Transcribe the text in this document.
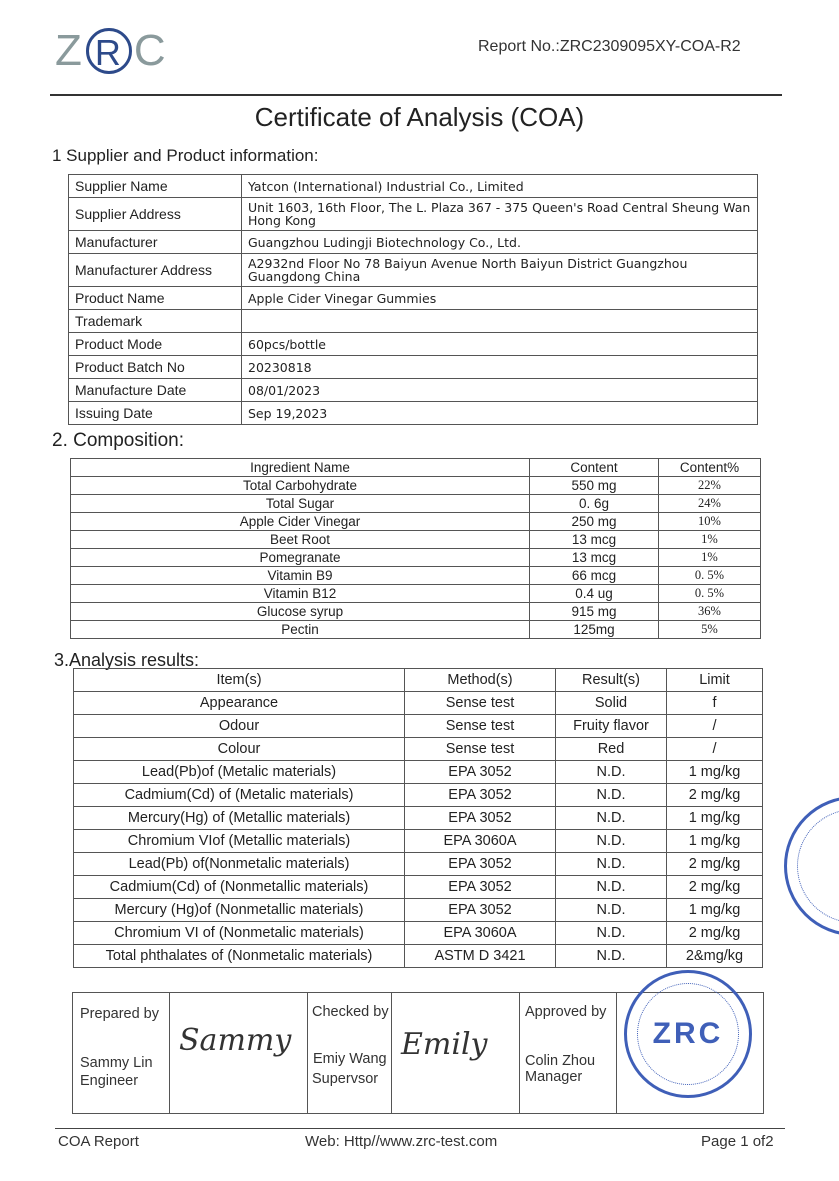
Z R C	Report No.:ZRC2309095XY-COA-R2
Certificate of Analysis (COA)
1 Supplier and Product information:
Supplier Name	Yatcon (International) Industrial Co., Limited
Supplier Address	Unit 1603, 16th Floor, The L. Plaza 367 - 375 Queen's Road Central Sheung Wan Hong Kong
Manufacturer	Guangzhou Ludingji Biotechnology Co., Ltd.
Manufacturer Address	A2932nd Floor No 78 Baiyun Avenue North Baiyun District Guangzhou Guangdong China
Product Name	Apple Cider Vinegar Gummies
Trademark	
Product Mode	60pcs/bottle
Product Batch No	20230818
Manufacture Date	08/01/2023
Issuing Date	Sep 19,2023
2. Composition:
Ingredient Name	Content	Content%
Total Carbohydrate	550 mg	22%
Total Sugar	0. 6g	24%
Apple Cider Vinegar	250 mg	10%
Beet Root	13 mcg	1%
Pomegranate	13 mcg	1%
Vitamin B9	66 mcg	0. 5%
Vitamin B12	0.4 ug	0. 5%
Glucose syrup	915 mg	36%
Pectin	125mg	5%
3.Analysis results:
Item(s)	Method(s)	Result(s)	Limit
Appearance	Sense test	Solid	f
Odour	Sense test	Fruity flavor	/
Colour	Sense test	Red	/
Lead(Pb)of (Metalic materials)	EPA 3052	N.D.	1 mg/kg
Cadmium(Cd) of (Metalic materials)	EPA 3052	N.D.	2 mg/kg
Mercury(Hg) of (Metallic materials)	EPA 3052	N.D.	1 mg/kg
Chromium VIof (Metallic materials)	EPA 3060A	N.D.	1 mg/kg
Lead(Pb) of(Nonmetalic materials)	EPA 3052	N.D.	2 mg/kg
Cadmium(Cd) of (Nonmetallic materials)	EPA 3052	N.D.	2 mg/kg
Mercury (Hg)of (Nonmetallic materials)	EPA 3052	N.D.	1 mg/kg
Chromium VI of (Nonmetalic materials)	EPA 3060A	N.D.	2 mg/kg
Total phthalates of (Nonmetalic materials)	ASTM D 3421	N.D.	2&mg/kg
Prepared by
Sammy Lin
Engineer
Sammy
Checked by
Emiy Wang
Supervsor
Emily
Approved by
Colin Zhou
Manager
ZRC
COA Report	Web: Http//www.zrc-test.com	Page 1 of2
